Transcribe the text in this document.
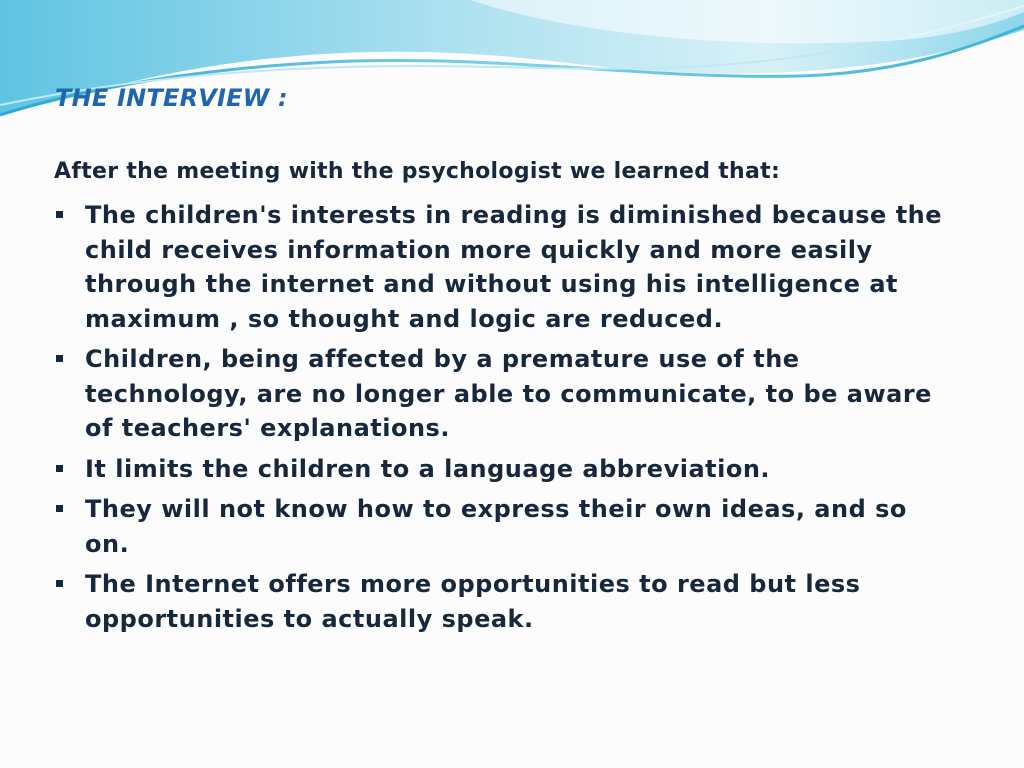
THE INTERVIEW :

After the meeting with the psychologist we learned that:

The children's interests in reading is diminished because the child receives information more quickly and more easily through the internet and without using his intelligence at maximum , so thought and logic are reduced.
Children, being affected by a premature use of the technology, are no longer able to communicate, to be aware of teachers' explanations.
It limits the children to a language abbreviation.
They will not know how to express their own ideas, and so on.
The Internet offers more opportunities to read but less opportunities to actually speak.
